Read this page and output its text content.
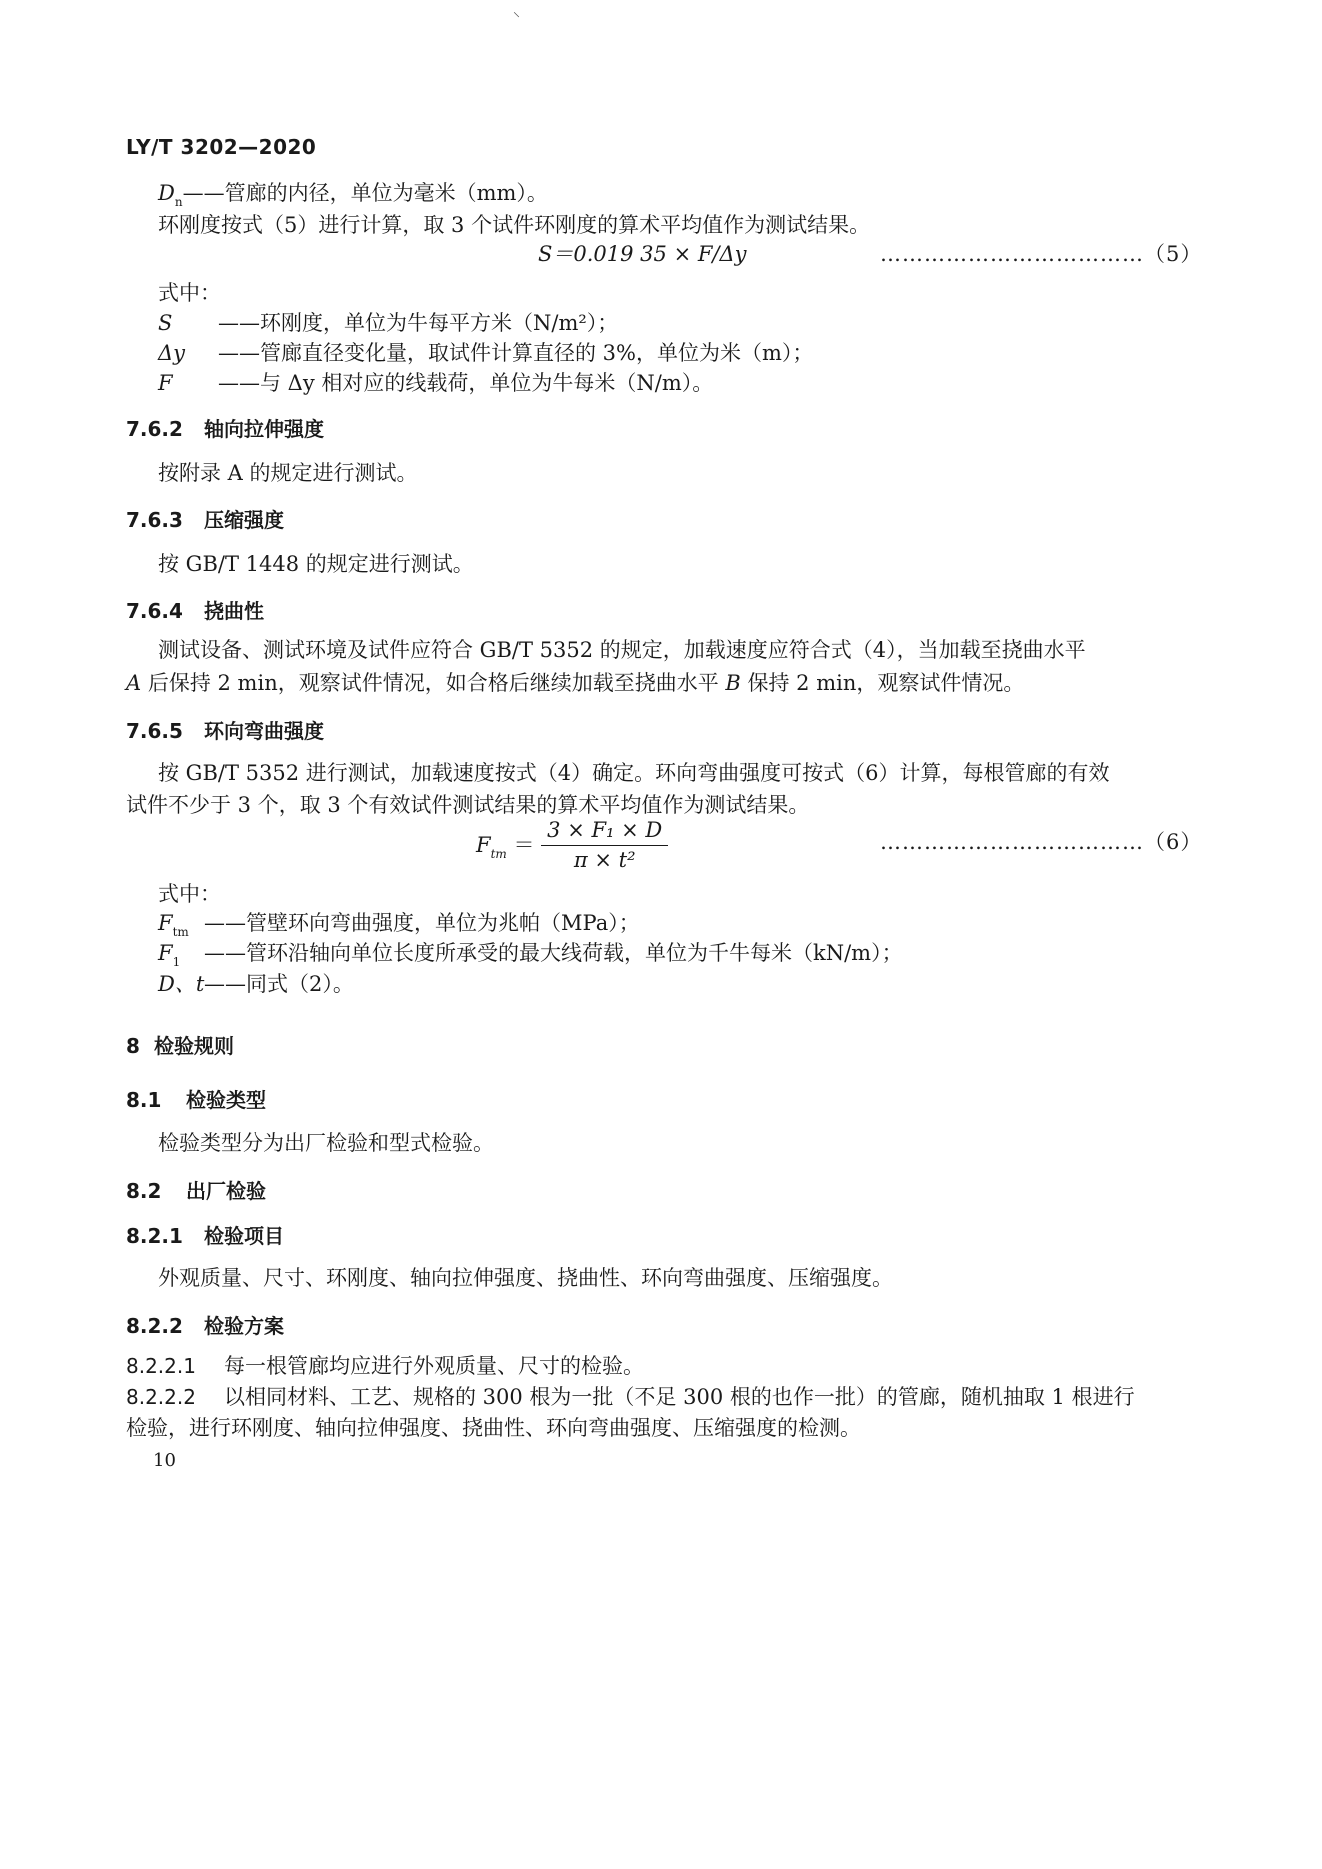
⸌
LY/T 3202—2020
$D_n——$管廊的内径，单位为毫米（mm）。
环刚度按式（5）进行计算，取 3 个试件环刚度的算术平均值作为测试结果。
S＝0.019 35 × F/Δy	………………………………（5）
式中：
S ——环刚度，单位为牛每平方米（N/m²）；
Δy ——管廊直径变化量，取试件计算直径的 3%，单位为米（m）；
F ——与 Δy 相对应的线载荷，单位为牛每米（N/m）。
7.6.2 轴向拉伸强度
按附录 A 的规定进行测试。
7.6.3 压缩强度
按 GB/T 1448 的规定进行测试。
7.6.4 挠曲性
测试设备、测试环境及试件应符合 GB/T 5352 的规定，加载速度应符合式（4），当加载至挠曲水平
A 后保持 2 min，观察试件情况，如合格后继续加载至挠曲水平 B 保持 2 min，观察试件情况。
7.6.5 环向弯曲强度
按 GB/T 5352 进行测试，加载速度按式（4）确定。环向弯曲强度可按式（6）计算，每根管廊的有效
试件不少于 3 个，取 3 个有效试件测试结果的算术平均值作为测试结果。
$F_{tm} = \frac{\text{3 × F₁ × D}}{\text{π × t²}}$	………………………………（6）
式中：
$F_{tm}$ ——管壁环向弯曲强度，单位为兆帕（MPa）；
$F_1$ ——管环沿轴向单位长度所承受的最大线荷载，单位为千牛每米（kN/m）；
D、t——同式（2）。
8 检验规则
8.1 检验类型
检验类型分为出厂检验和型式检验。
8.2 出厂检验
8.2.1 检验项目
外观质量、尺寸、环刚度、轴向拉伸强度、挠曲性、环向弯曲强度、压缩强度。
8.2.2 检验方案
8.2.2.1 每一根管廊均应进行外观质量、尺寸的检验。
8.2.2.2 以相同材料、工艺、规格的 300 根为一批（不足 300 根的也作一批）的管廊，随机抽取 1 根进行
检验，进行环刚度、轴向拉伸强度、挠曲性、环向弯曲强度、压缩强度的检测。
10
